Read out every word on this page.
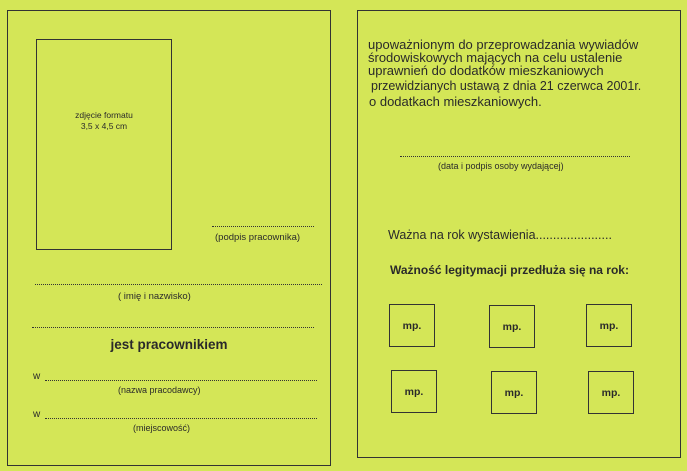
zdjęcie formatu
3,5 x 4,5 cm
(podpis pracownika)
( imię i nazwisko)
jest pracownikiem
w
(nazwa pracodawcy)
w
(miejscowość)
upoważnionym do przeprowadzania wywiadów
środowiskowych mających na celu ustalenie
uprawnień do dodatków mieszkaniowych
przewidzianych ustawą z dnia 21 czerwca 2001r.
o dodatkach mieszkaniowych.
(data i podpis osoby wydającej)
Ważna na rok wystawienia......................
Ważność legitymacji przedłuża się na rok:
mp.	mp.	mp.
mp.	mp.	mp.
